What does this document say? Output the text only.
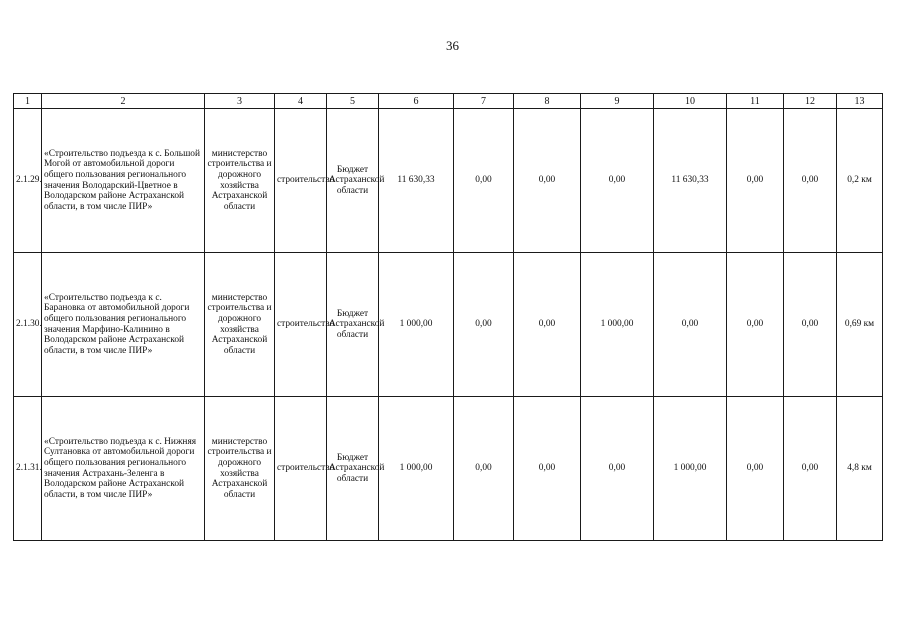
36
1	2	3	4	5	6	7	8	9	10	11	12	13
2.1.29.	«Строительство подъезда к с. Большой Могой от автомобильной дороги общего пользования регионального значения Володарский-Цветное в Володарском районе Астраханской области, в том числе ПИР»	министерство строительства и дорожного хозяйства Астраханской области	строительство	Бюджет Астраханской области	11 630,33	0,00	0,00	0,00	11 630,33	0,00	0,00	0,2 км
2.1.30.	«Строительство подъезда к с. Барановка от автомобильной дороги общего пользования регионального значения Марфино-Калинино в Володарском районе Астраханской области, в том числе ПИР»	министерство строительства и дорожного хозяйства Астраханской области	строительство	Бюджет Астраханской области	1 000,00	0,00	0,00	1 000,00	0,00	0,00	0,00	0,69 км
2.1.31.	«Строительство подъезда к с. Нижняя Султановка от автомобильной дороги общего пользования регионального значения Астрахань-Зеленга в Володарском районе Астраханской области, в том числе ПИР»	министерство строительства и дорожного хозяйства Астраханской области	строительство	Бюджет Астраханской области	1 000,00	0,00	0,00	0,00	1 000,00	0,00	0,00	4,8 км
